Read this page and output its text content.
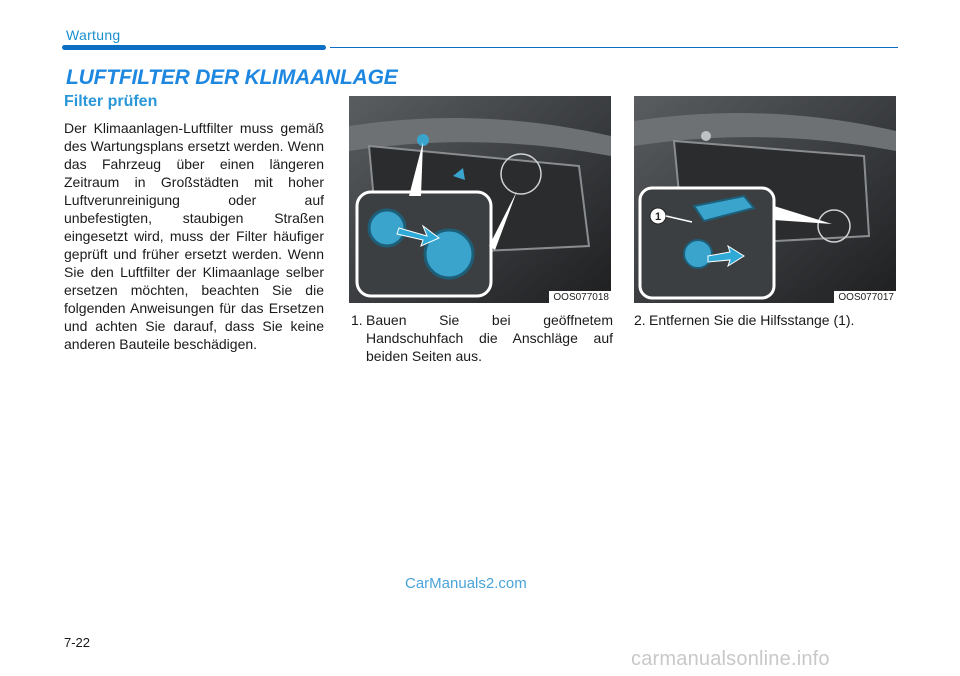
Wartung
LUFTFILTER DER KLIMAANLAGE
Filter prüfen
Der Klimaanlagen-Luftfilter muss gemäß des Wartungsplans ersetzt werden. Wenn das Fahrzeug über einen längeren Zeitraum in Großstädten mit hoher Luftverunreinigung oder auf unbefestigten, staubigen Straßen eingesetzt wird, muss der Filter häufiger geprüft und früher ersetzt werden. Wenn Sie den Luftfilter der Klimaanlage selber ersetzen möchten, beachten Sie die folgenden Anweisungen für das Ersetzen und achten Sie darauf, dass Sie keine anderen Bauteile beschädigen.
OOS077018
1
OOS077017
1. Bauen Sie bei geöffnetem Handschuhfach die Anschläge auf beiden Seiten aus.
2. Entfernen Sie die Hilfsstange (1).
CarManuals2.com
7-22
carmanualsonline.info
